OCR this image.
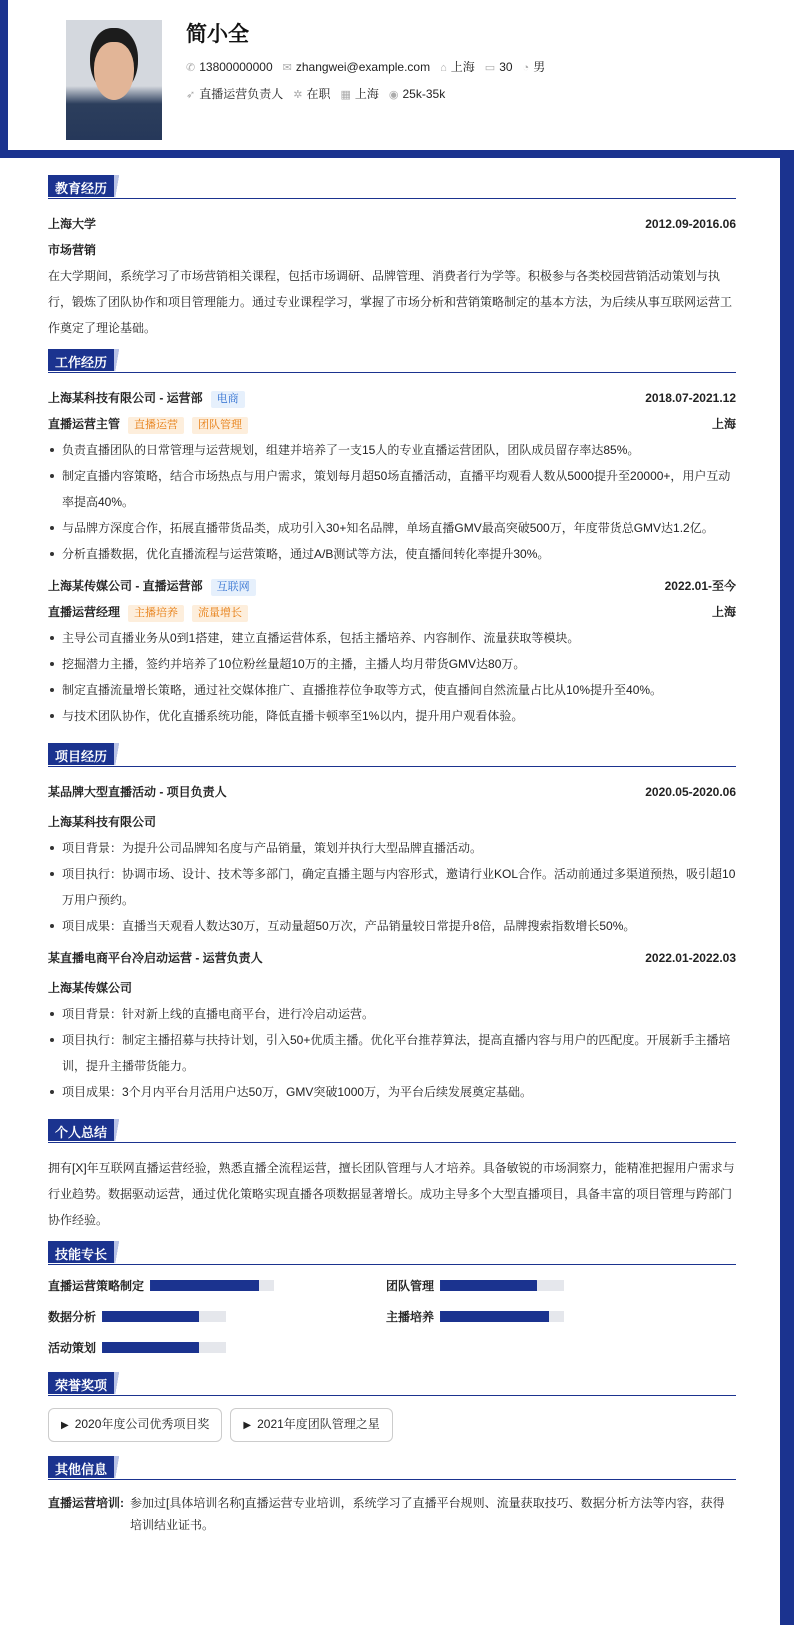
简小全
✆ 13800000000 ✉ zhangwei@example.com ⌂ 上海 ▭ 30 ◔ 男
➶ 直播运营负责人 ✲ 在职 ▦ 上海 ◉ 25k-35k
教育经历
上海大学	2012.09-2016.06
市场营销
在大学期间，系统学习了市场营销相关课程，包括市场调研、品牌管理、消费者行为学等。积极参与各类校园营销活动策划与执行，锻炼了团队协作和项目管理能力。通过专业课程学习，掌握了市场分析和营销策略制定的基本方法，为后续从事互联网运营工作奠定了理论基础。
工作经历
上海某科技有限公司 - 运营部 电商	2018.07-2021.12
直播运营主管 直播运营 团队管理	上海
负责直播团队的日常管理与运营规划，组建并培养了一支15人的专业直播运营团队，团队成员留存率达85%。
制定直播内容策略，结合市场热点与用户需求，策划每月超50场直播活动，直播平均观看人数从5000提升至20000+，用户互动率提高40%。
与品牌方深度合作，拓展直播带货品类，成功引入30+知名品牌，单场直播GMV最高突破500万，年度带货总GMV达1.2亿。
分析直播数据，优化直播流程与运营策略，通过A/B测试等方法，使直播间转化率提升30%。
上海某传媒公司 - 直播运营部 互联网	2022.01-至今
直播运营经理 主播培养 流量增长	上海
主导公司直播业务从0到1搭建，建立直播运营体系，包括主播培养、内容制作、流量获取等模块。
挖掘潜力主播，签约并培养了10位粉丝量超10万的主播，主播人均月带货GMV达80万。
制定直播流量增长策略，通过社交媒体推广、直播推荐位争取等方式，使直播间自然流量占比从10%提升至40%。
与技术团队协作，优化直播系统功能，降低直播卡顿率至1%以内，提升用户观看体验。
项目经历
某品牌大型直播活动 - 项目负责人	2020.05-2020.06
上海某科技有限公司
项目背景：为提升公司品牌知名度与产品销量，策划并执行大型品牌直播活动。
项目执行：协调市场、设计、技术等多部门，确定直播主题与内容形式，邀请行业KOL合作。活动前通过多渠道预热，吸引超10万用户预约。
项目成果：直播当天观看人数达30万，互动量超50万次，产品销量较日常提升8倍，品牌搜索指数增长50%。
某直播电商平台冷启动运营 - 运营负责人	2022.01-2022.03
上海某传媒公司
项目背景：针对新上线的直播电商平台，进行冷启动运营。
项目执行：制定主播招募与扶持计划，引入50+优质主播。优化平台推荐算法，提高直播内容与用户的匹配度。开展新手主播培训，提升主播带货能力。
项目成果：3个月内平台月活用户达50万，GMV突破1000万，为平台后续发展奠定基础。
个人总结
拥有[X]年互联网直播运营经验，熟悉直播全流程运营，擅长团队管理与人才培养。具备敏锐的市场洞察力，能精准把握用户需求与行业趋势。数据驱动运营，通过优化策略实现直播各项数据显著增长。成功主导多个大型直播项目，具备丰富的项目管理与跨部门协作经验。
技能专长
直播运营策略制定	团队管理
数据分析	主播培养
活动策划
荣誉奖项
▶ 2020年度公司优秀项目奖	▶ 2021年度团队管理之星
其他信息
直播运营培训: 参加过[具体培训名称]直播运营专业培训，系统学习了直播平台规则、流量获取技巧、数据分析方法等内容，获得培训结业证书。
